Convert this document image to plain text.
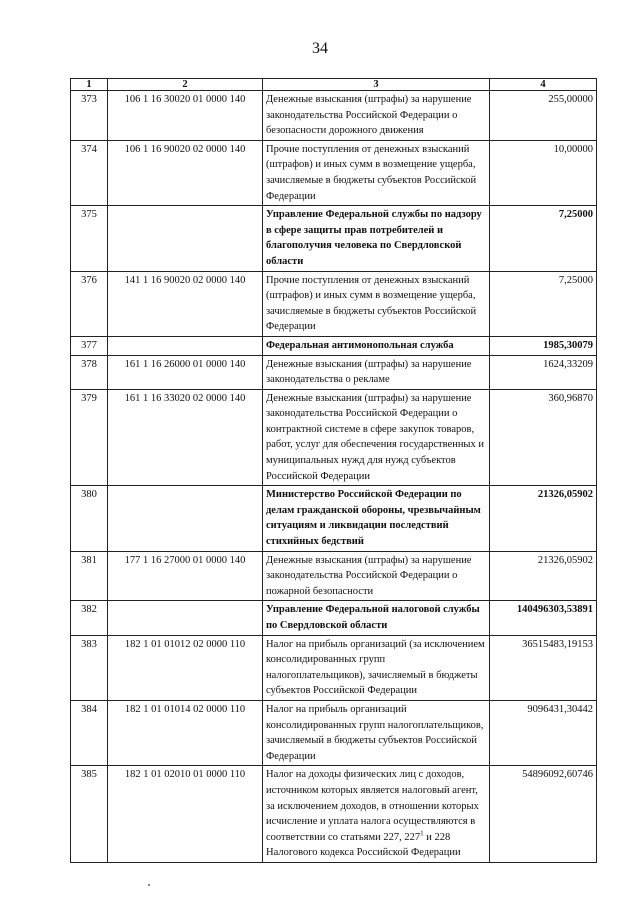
34
1	2	3	4
373	106 1 16 30020 01 0000 140	Денежные взыскания (штрафы) за нарушение законодательства Российской Федерации о безопасности дорожного движения	255,00000
374	106 1 16 90020 02 0000 140	Прочие поступления от денежных взысканий (штрафов) и иных сумм в возмещение ущерба, зачисляемые в бюджеты субъектов Российской Федерации	10,00000
375		Управление Федеральной службы по надзору в сфере защиты прав потребителей и благополучия человека по Свердловской области	7,25000
376	141 1 16 90020 02 0000 140	Прочие поступления от денежных взысканий (штрафов) и иных сумм в возмещение ущерба, зачисляемые в бюджеты субъектов Российской Федерации	7,25000
377		Федеральная антимонопольная служба	1985,30079
378	161 1 16 26000 01 0000 140	Денежные взыскания (штрафы) за нарушение законодательства о рекламе	1624,33209
379	161 1 16 33020 02 0000 140	Денежные взыскания (штрафы) за нарушение законодательства Российской Федерации о контрактной системе в сфере закупок товаров, работ, услуг для обеспечения государственных и муниципальных нужд для нужд субъектов Российской Федерации	360,96870
380		Министерство Российской Федерации по делам гражданской обороны, чрезвычайным ситуациям и ликвидации последствий стихийных бедствий	21326,05902
381	177 1 16 27000 01 0000 140	Денежные взыскания (штрафы) за нарушение законодательства Российской Федерации о пожарной безопасности	21326,05902
382		Управление Федеральной налоговой службы по Свердловской области	140496303,53891
383	182 1 01 01012 02 0000 110	Налог на прибыль организаций (за исключением консолидированных групп налогоплательщиков), зачисляемый в бюджеты субъектов Российской Федерации	36515483,19153
384	182 1 01 01014 02 0000 110	Налог на прибыль организаций консолидированных групп налогоплательщиков, зачисляемый в бюджеты субъектов Российской Федерации	9096431,30442
385	182 1 01 02010 01 0000 110	Налог на доходы физических лиц с доходов, источником которых является налоговый агент, за исключением доходов, в отношении которых исчисление и уплата налога осуществляются в соответствии со статьями 227, $227^1$ и 228 Налогового кодекса Российской Федерации	54896092,60746
